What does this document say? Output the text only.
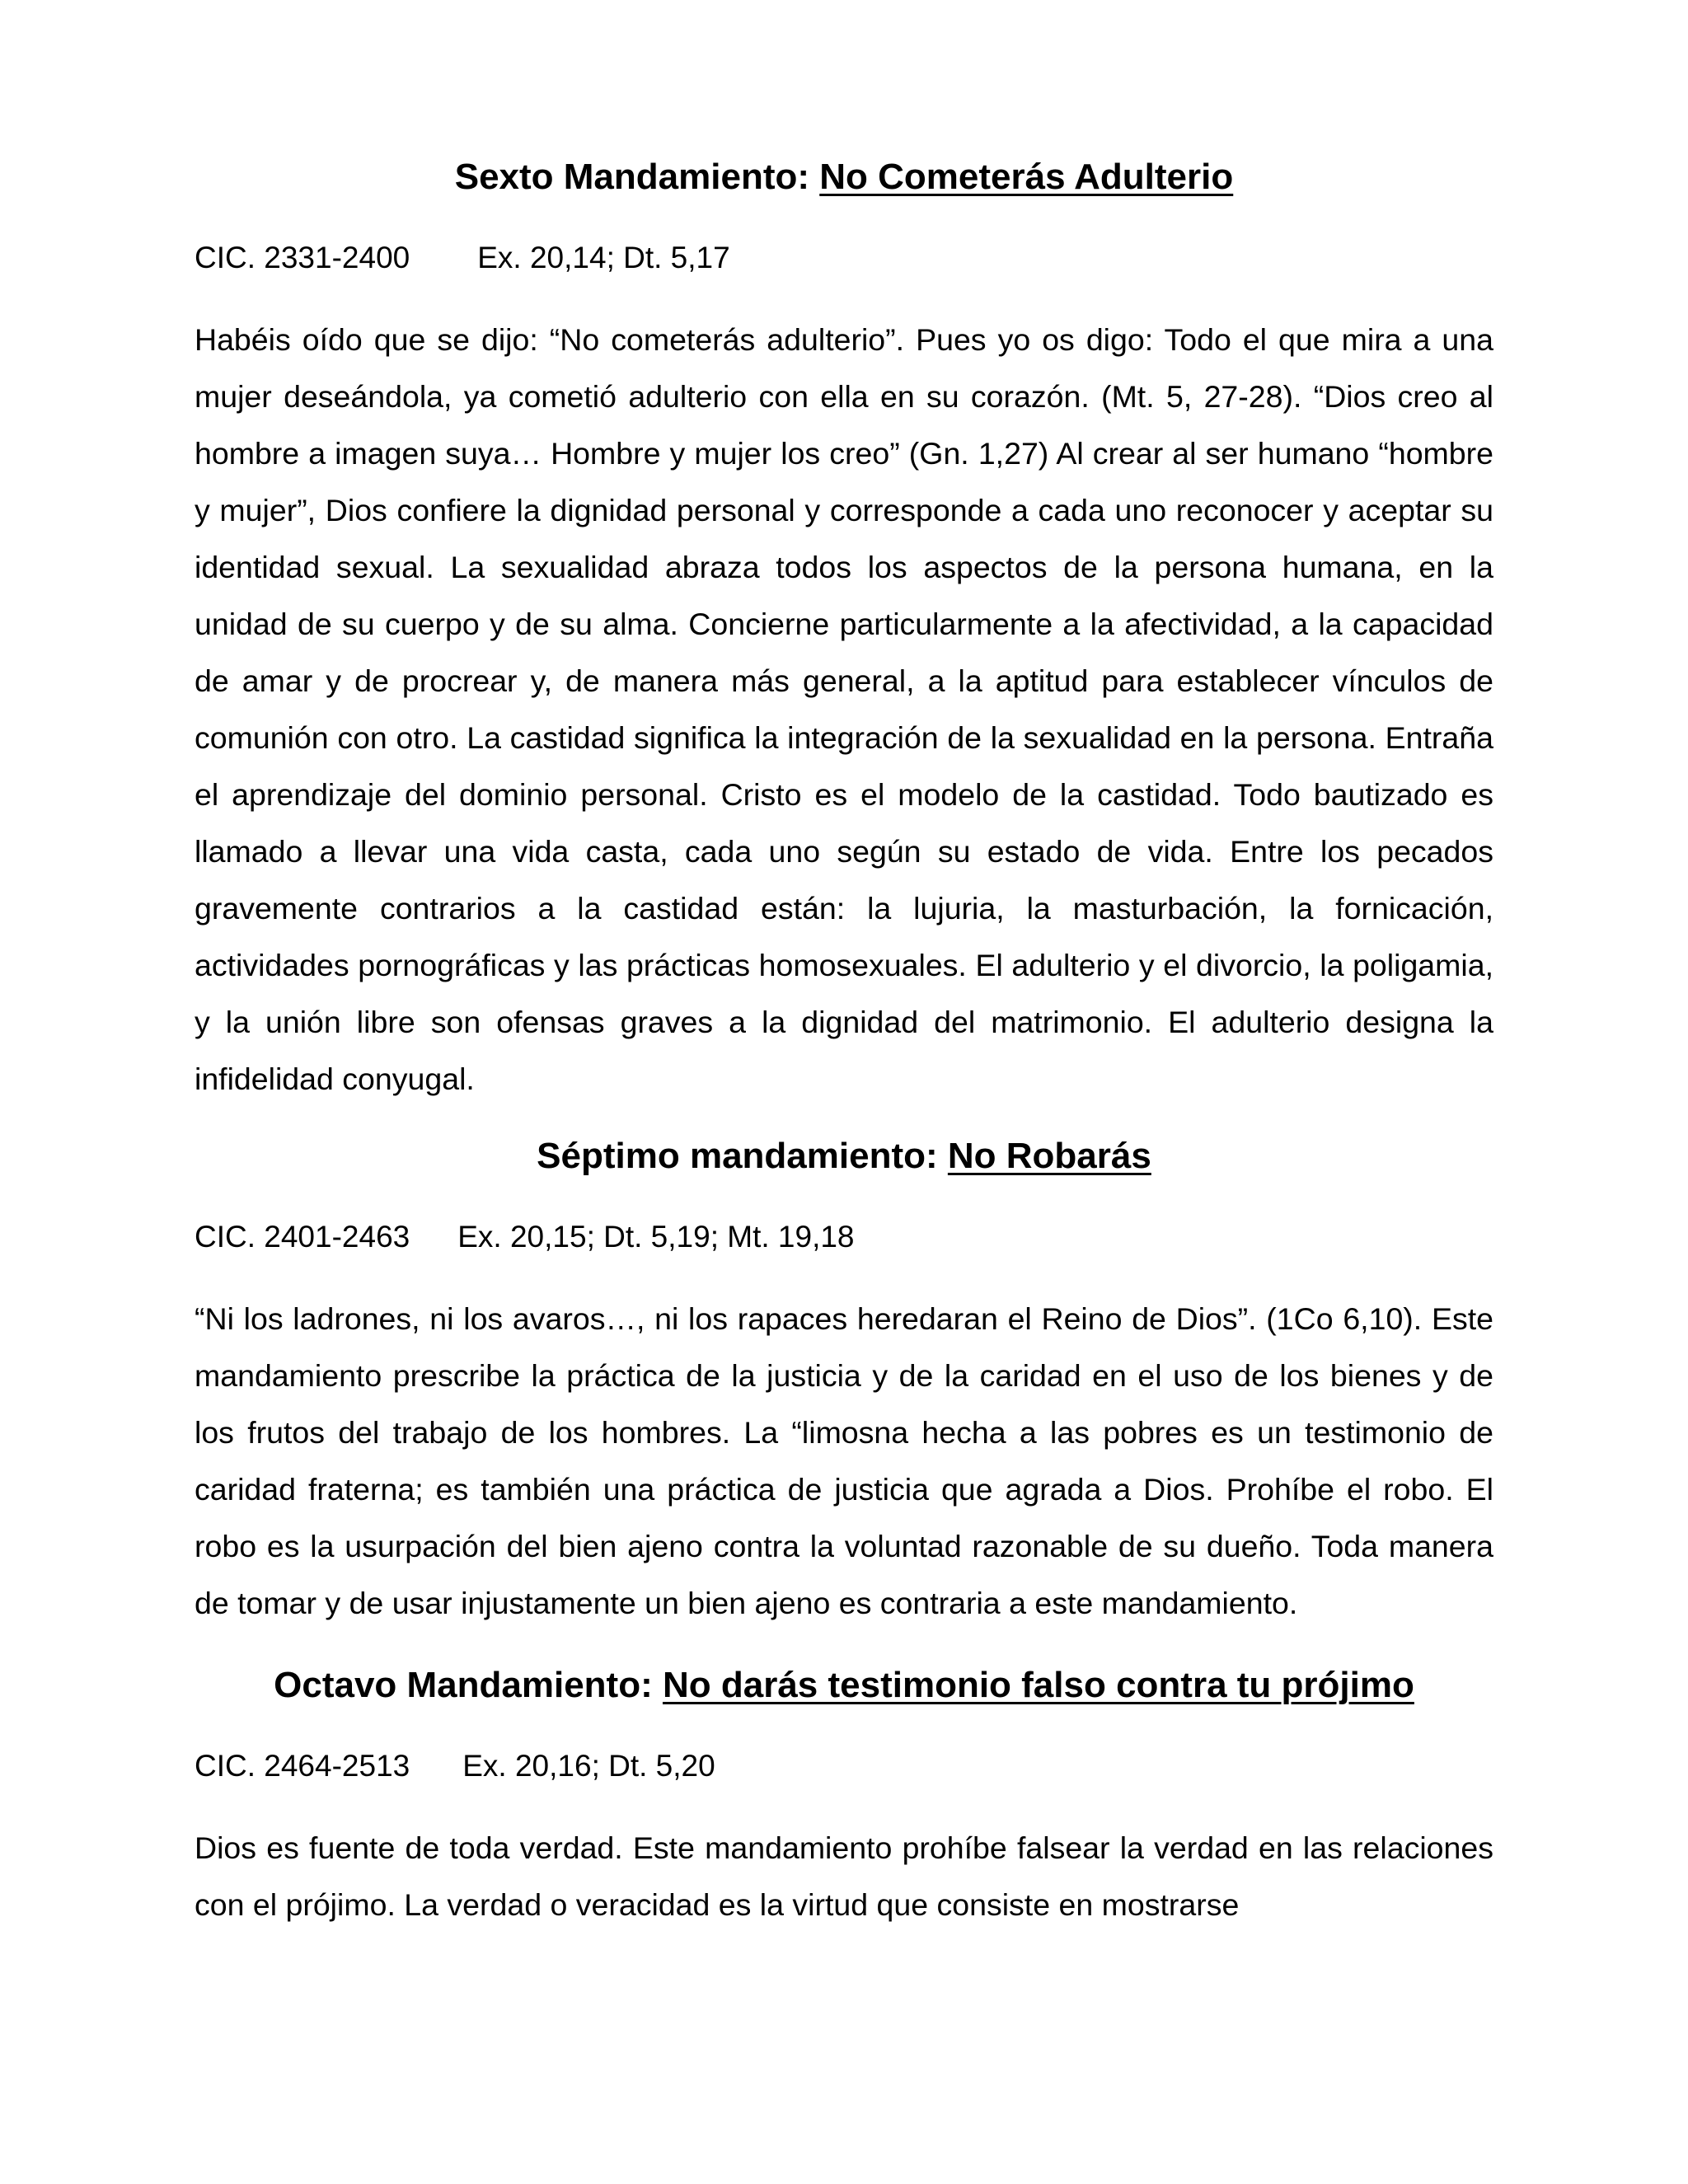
Sexto Mandamiento: No Cometerás Adulterio
CIC. 2331-2400 Ex. 20,14; Dt. 5,17

Habéis oído que se dijo: “No cometerás adulterio”. Pues yo os digo: Todo el que mira a una mujer deseándola, ya cometió adulterio con ella en su corazón. (Mt. 5, 27-28). “Dios creo al hombre a imagen suya… Hombre y mujer los creo” (Gn. 1,27) Al crear al ser humano “hombre y mujer”, Dios confiere la dignidad personal y corresponde a cada uno reconocer y aceptar su identidad sexual. La sexualidad abraza todos los aspectos de la persona humana, en la unidad de su cuerpo y de su alma. Concierne particularmente a la afectividad, a la capacidad de amar y de procrear y, de manera más general, a la aptitud para establecer vínculos de comunión con otro. La castidad significa la integración de la sexualidad en la persona. Entraña el aprendizaje del dominio personal. Cristo es el modelo de la castidad. Todo bautizado es llamado a llevar una vida casta, cada uno según su estado de vida. Entre los pecados gravemente contrarios a la castidad están: la lujuria, la masturbación, la fornicación, actividades pornográficas y las prácticas homosexuales. El adulterio y el divorcio, la poligamia, y la unión libre son ofensas graves a la dignidad del matrimonio. El adulterio designa la infidelidad conyugal.

Séptimo mandamiento: No Robarás
CIC. 2401-2463 Ex. 20,15; Dt. 5,19; Mt. 19,18

“Ni los ladrones, ni los avaros…, ni los rapaces heredaran el Reino de Dios”. (1Co 6,10). Este mandamiento prescribe la práctica de la justicia y de la caridad en el uso de los bienes y de los frutos del trabajo de los hombres. La “limosna hecha a las pobres es un testimonio de caridad fraterna; es también una práctica de justicia que agrada a Dios. Prohíbe el robo. El robo es la usurpación del bien ajeno contra la voluntad razonable de su dueño. Toda manera de tomar y de usar injustamente un bien ajeno es contraria a este mandamiento.

Octavo Mandamiento: No darás testimonio falso contra tu prójimo
CIC. 2464-2513 Ex. 20,16; Dt. 5,20

Dios es fuente de toda verdad. Este mandamiento prohíbe falsear la verdad en las relaciones con el prójimo. La verdad o veracidad es la virtud que consiste en mostrarse
